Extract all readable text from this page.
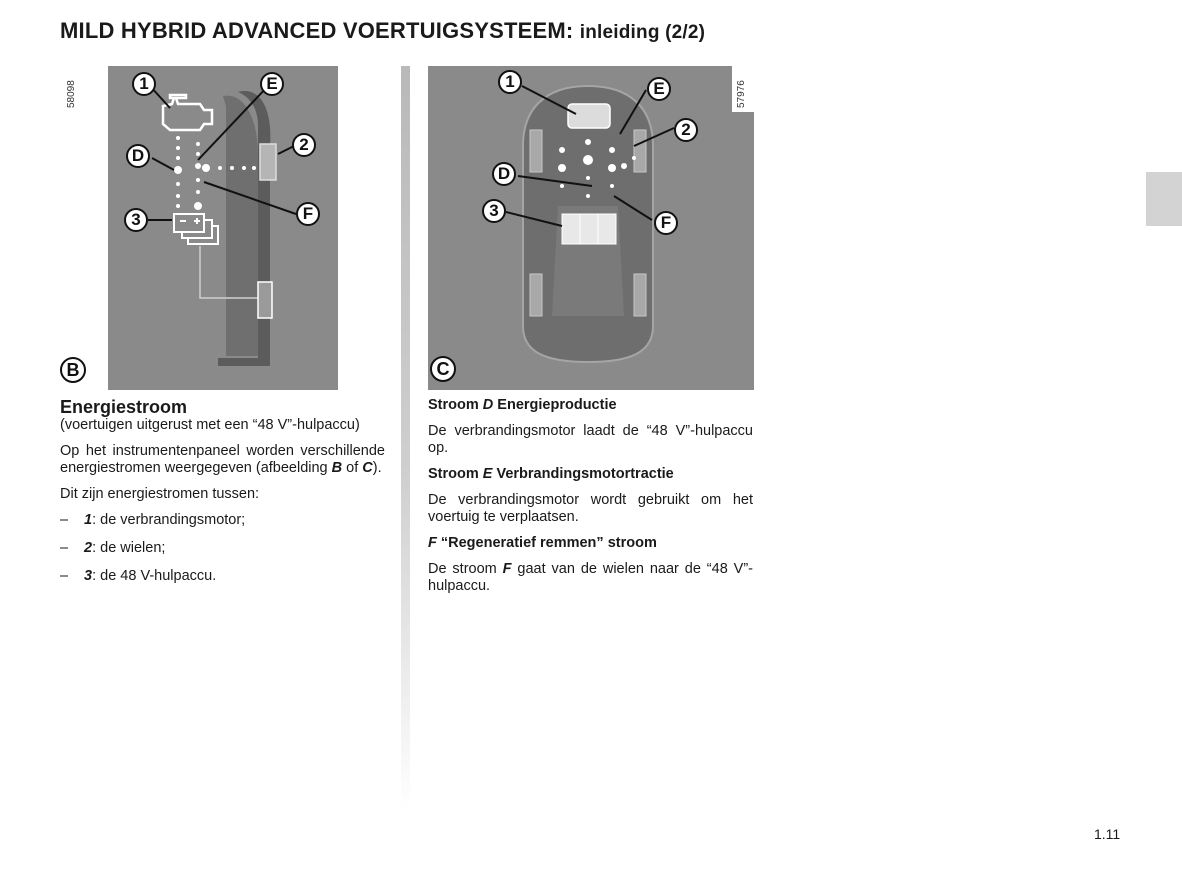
MILD HYBRID ADVANCED VOERTUIGSYSTEEM: inleiding (2/2)
58098	1	E
D
2
3	F
B
1	E
2
D
3
F
57976
C
Energiestroom

(voertuigen uitgerust met een “48 V”-hulpaccu)

Op het instrumentenpaneel worden verschillende energiestromen weergegeven (afbeelding B of C).

Dit zijn energiestromen tussen:

– 1: de verbrandingsmotor;
– 2: de wielen;
– 3: de 48 V-hulpaccu.

Stroom D Energieproductie

De verbrandingsmotor laadt de “48 V”-hulpaccu op.

Stroom E Verbrandingsmotortractie

De verbrandingsmotor wordt gebruikt om het voertuig te verplaatsen.

F “Regeneratief remmen” stroom

De stroom F gaat van de wielen naar de “48 V”-hulpaccu.

1.11
